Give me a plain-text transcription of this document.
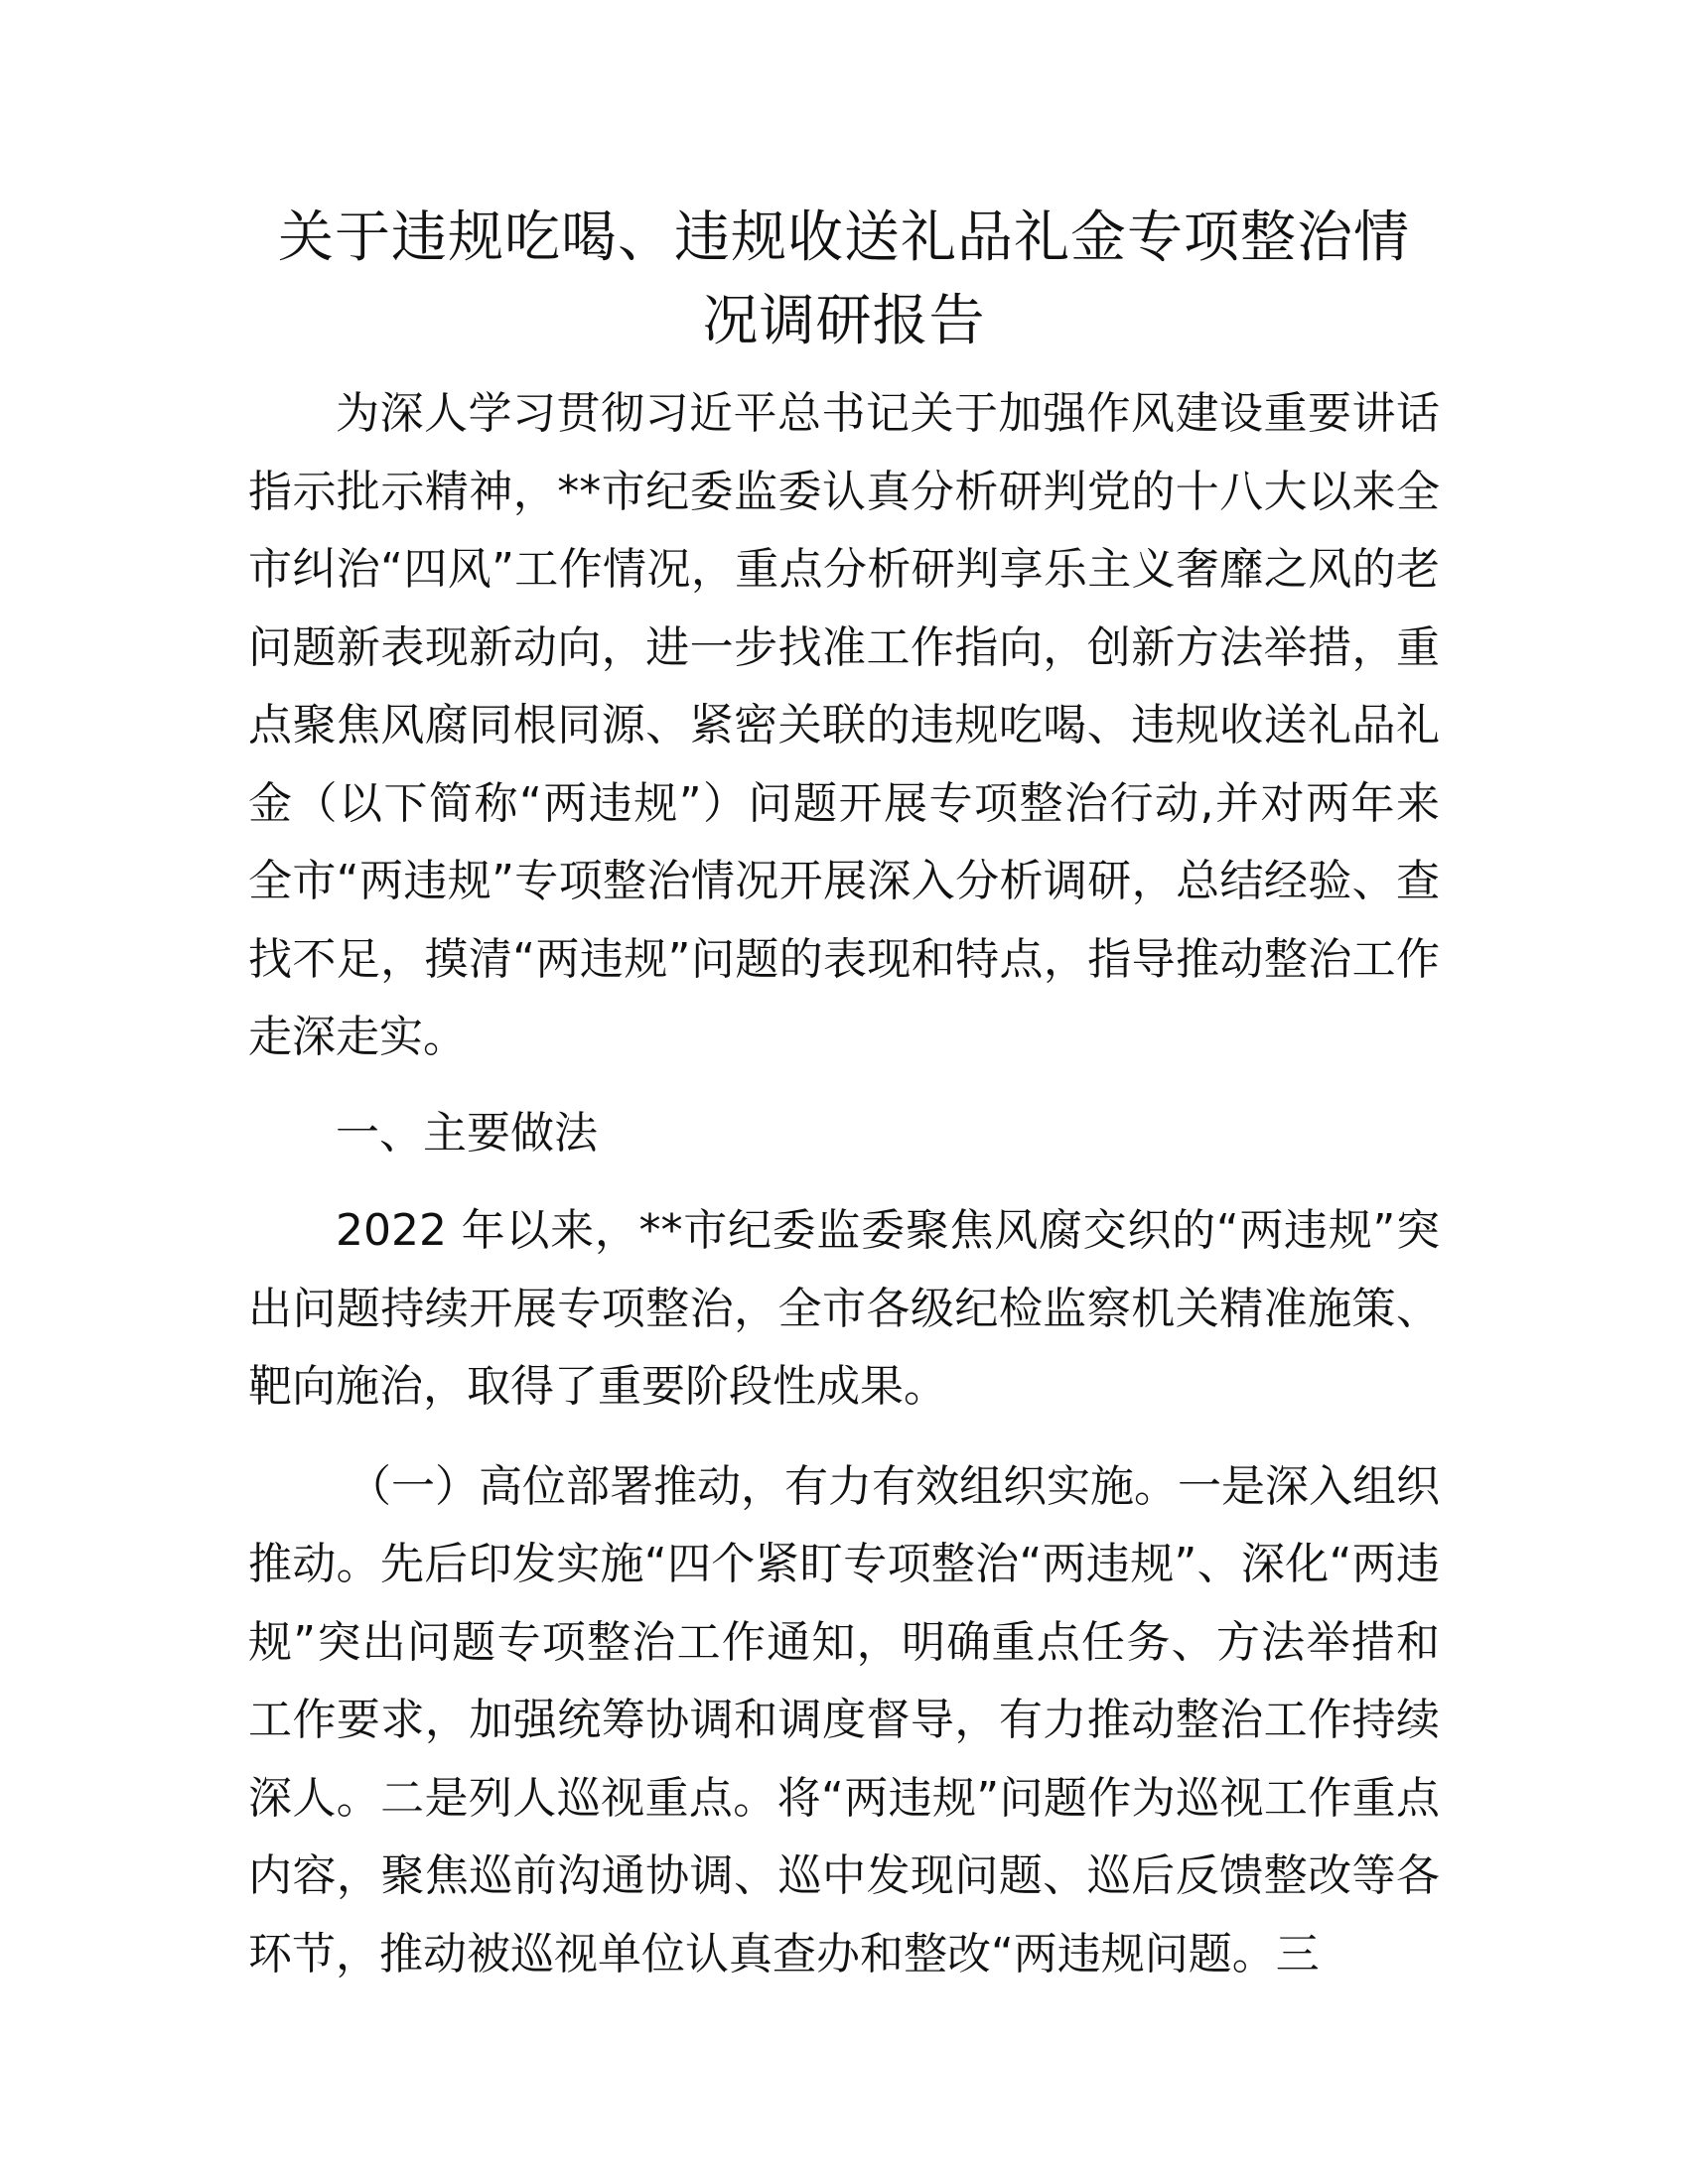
关于违规吃喝、违规收送礼品礼金专项整治情
况调研报告

为深人学习贯彻习近平总书记关于加强作风建设重要讲话指示批示精神，**市纪委监委认真分析研判党的十八大以来全市纠治“四风”工作情况，重点分析研判享乐主义奢靡之风的老问题新表现新动向，进一步找准工作指向，创新方法举措，重点聚焦风腐同根同源、紧密关联的违规吃喝、违规收送礼品礼金（以下简称“两违规”）问题开展专项整治行动,并对两年来全市“两违规”专项整治情况开展深入分析调研，总结经验、查找不足，摸清“两违规”问题的表现和特点，指导推动整治工作走深走实。

一、主要做法

2022 年以来，**市纪委监委聚焦风腐交织的“两违规”突出问题持续开展专项整治，全市各级纪检监察机关精准施策、靶向施治，取得了重要阶段性成果。

（一）高位部署推动，有力有效组织实施。一是深入组织推动。先后印发实施“四个紧盯专项整治“两违规”、深化“两违规”突出问题专项整治工作通知，明确重点任务、方法举措和工作要求，加强统筹协调和调度督导，有力推动整治工作持续深人。二是列人巡视重点。将“两违规”问题作为巡视工作重点内容，聚焦巡前沟通协调、巡中发现问题、巡后反馈整改等各环节，推动被巡视单位认真查办和整改“两违规问题。三
